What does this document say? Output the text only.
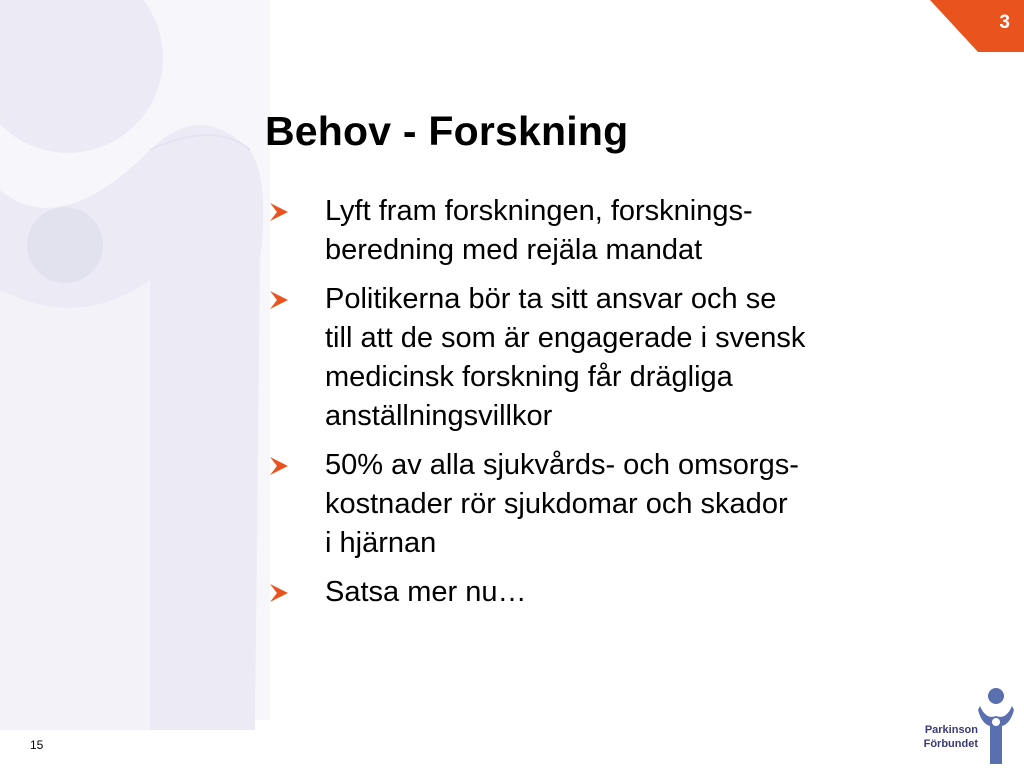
3
Behov - Forskning
Lyft fram forskningen, forsknings-
beredning med rejäla mandat
Politikerna bör ta sitt ansvar och se
till att de som är engagerade i svensk
medicinsk forskning får drägliga
anställningsvillkor
50% av alla sjukvårds- och omsorgs-
kostnader rör sjukdomar och skador
i hjärnan
Satsa mer nu…
15
Parkinson
Förbundet
